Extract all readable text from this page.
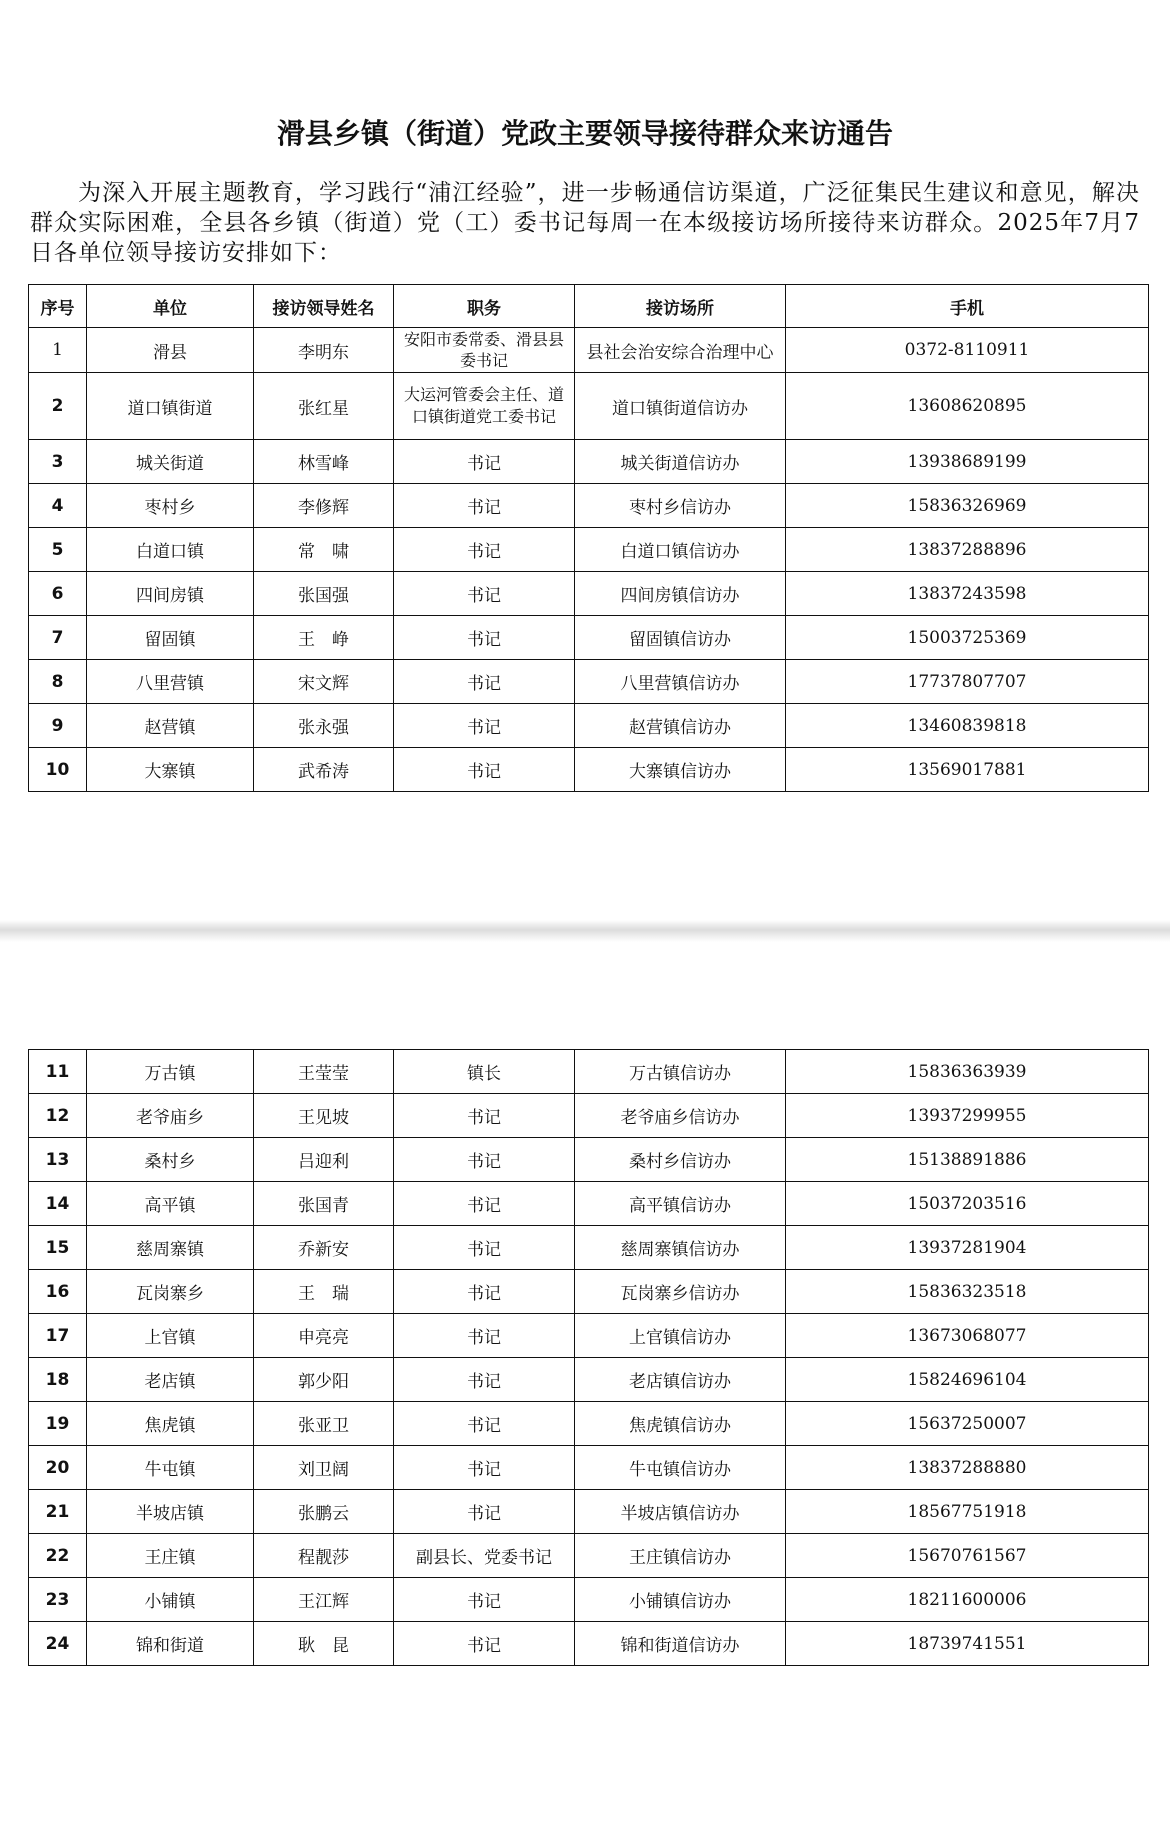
滑县乡镇（街道）党政主要领导接待群众来访通告
为深入开展主题教育，学习践行“浦江经验”，进一步畅通信访渠道，广泛征集民生建议和意见，解决群众实际困难，全县各乡镇（街道）党（工）委书记每周一在本级接访场所接待来访群众。2025年7月7日各单位领导接访安排如下：
序号	单位	接访领导姓名	职务	接访场所	手机
1	滑县	李明东	安阳市委常委、滑县县委书记	县社会治安综合治理中心	0372-8110911
2	道口镇街道	张红星	大运河管委会主任、道口镇街道党工委书记	道口镇街道信访办	13608620895
3	城关街道	林雪峰	书记	城关街道信访办	13938689199
4	枣村乡	李修辉	书记	枣村乡信访办	15836326969
5	白道口镇	常　啸	书记	白道口镇信访办	13837288896
6	四间房镇	张国强	书记	四间房镇信访办	13837243598
7	留固镇	王　峥	书记	留固镇信访办	15003725369
8	八里营镇	宋文辉	书记	八里营镇信访办	17737807707
9	赵营镇	张永强	书记	赵营镇信访办	13460839818
10	大寨镇	武希涛	书记	大寨镇信访办	13569017881
11	万古镇	王莹莹	镇长	万古镇信访办	15836363939
12	老爷庙乡	王见坡	书记	老爷庙乡信访办	13937299955
13	桑村乡	吕迎利	书记	桑村乡信访办	15138891886
14	高平镇	张国青	书记	高平镇信访办	15037203516
15	慈周寨镇	乔新安	书记	慈周寨镇信访办	13937281904
16	瓦岗寨乡	王　瑞	书记	瓦岗寨乡信访办	15836323518
17	上官镇	申亮亮	书记	上官镇信访办	13673068077
18	老店镇	郭少阳	书记	老店镇信访办	15824696104
19	焦虎镇	张亚卫	书记	焦虎镇信访办	15637250007
20	牛屯镇	刘卫阔	书记	牛屯镇信访办	13837288880
21	半坡店镇	张鹏云	书记	半坡店镇信访办	18567751918
22	王庄镇	程靓莎	副县长、党委书记	王庄镇信访办	15670761567
23	小铺镇	王江辉	书记	小铺镇信访办	18211600006
24	锦和街道	耿　昆	书记	锦和街道信访办	18739741551
